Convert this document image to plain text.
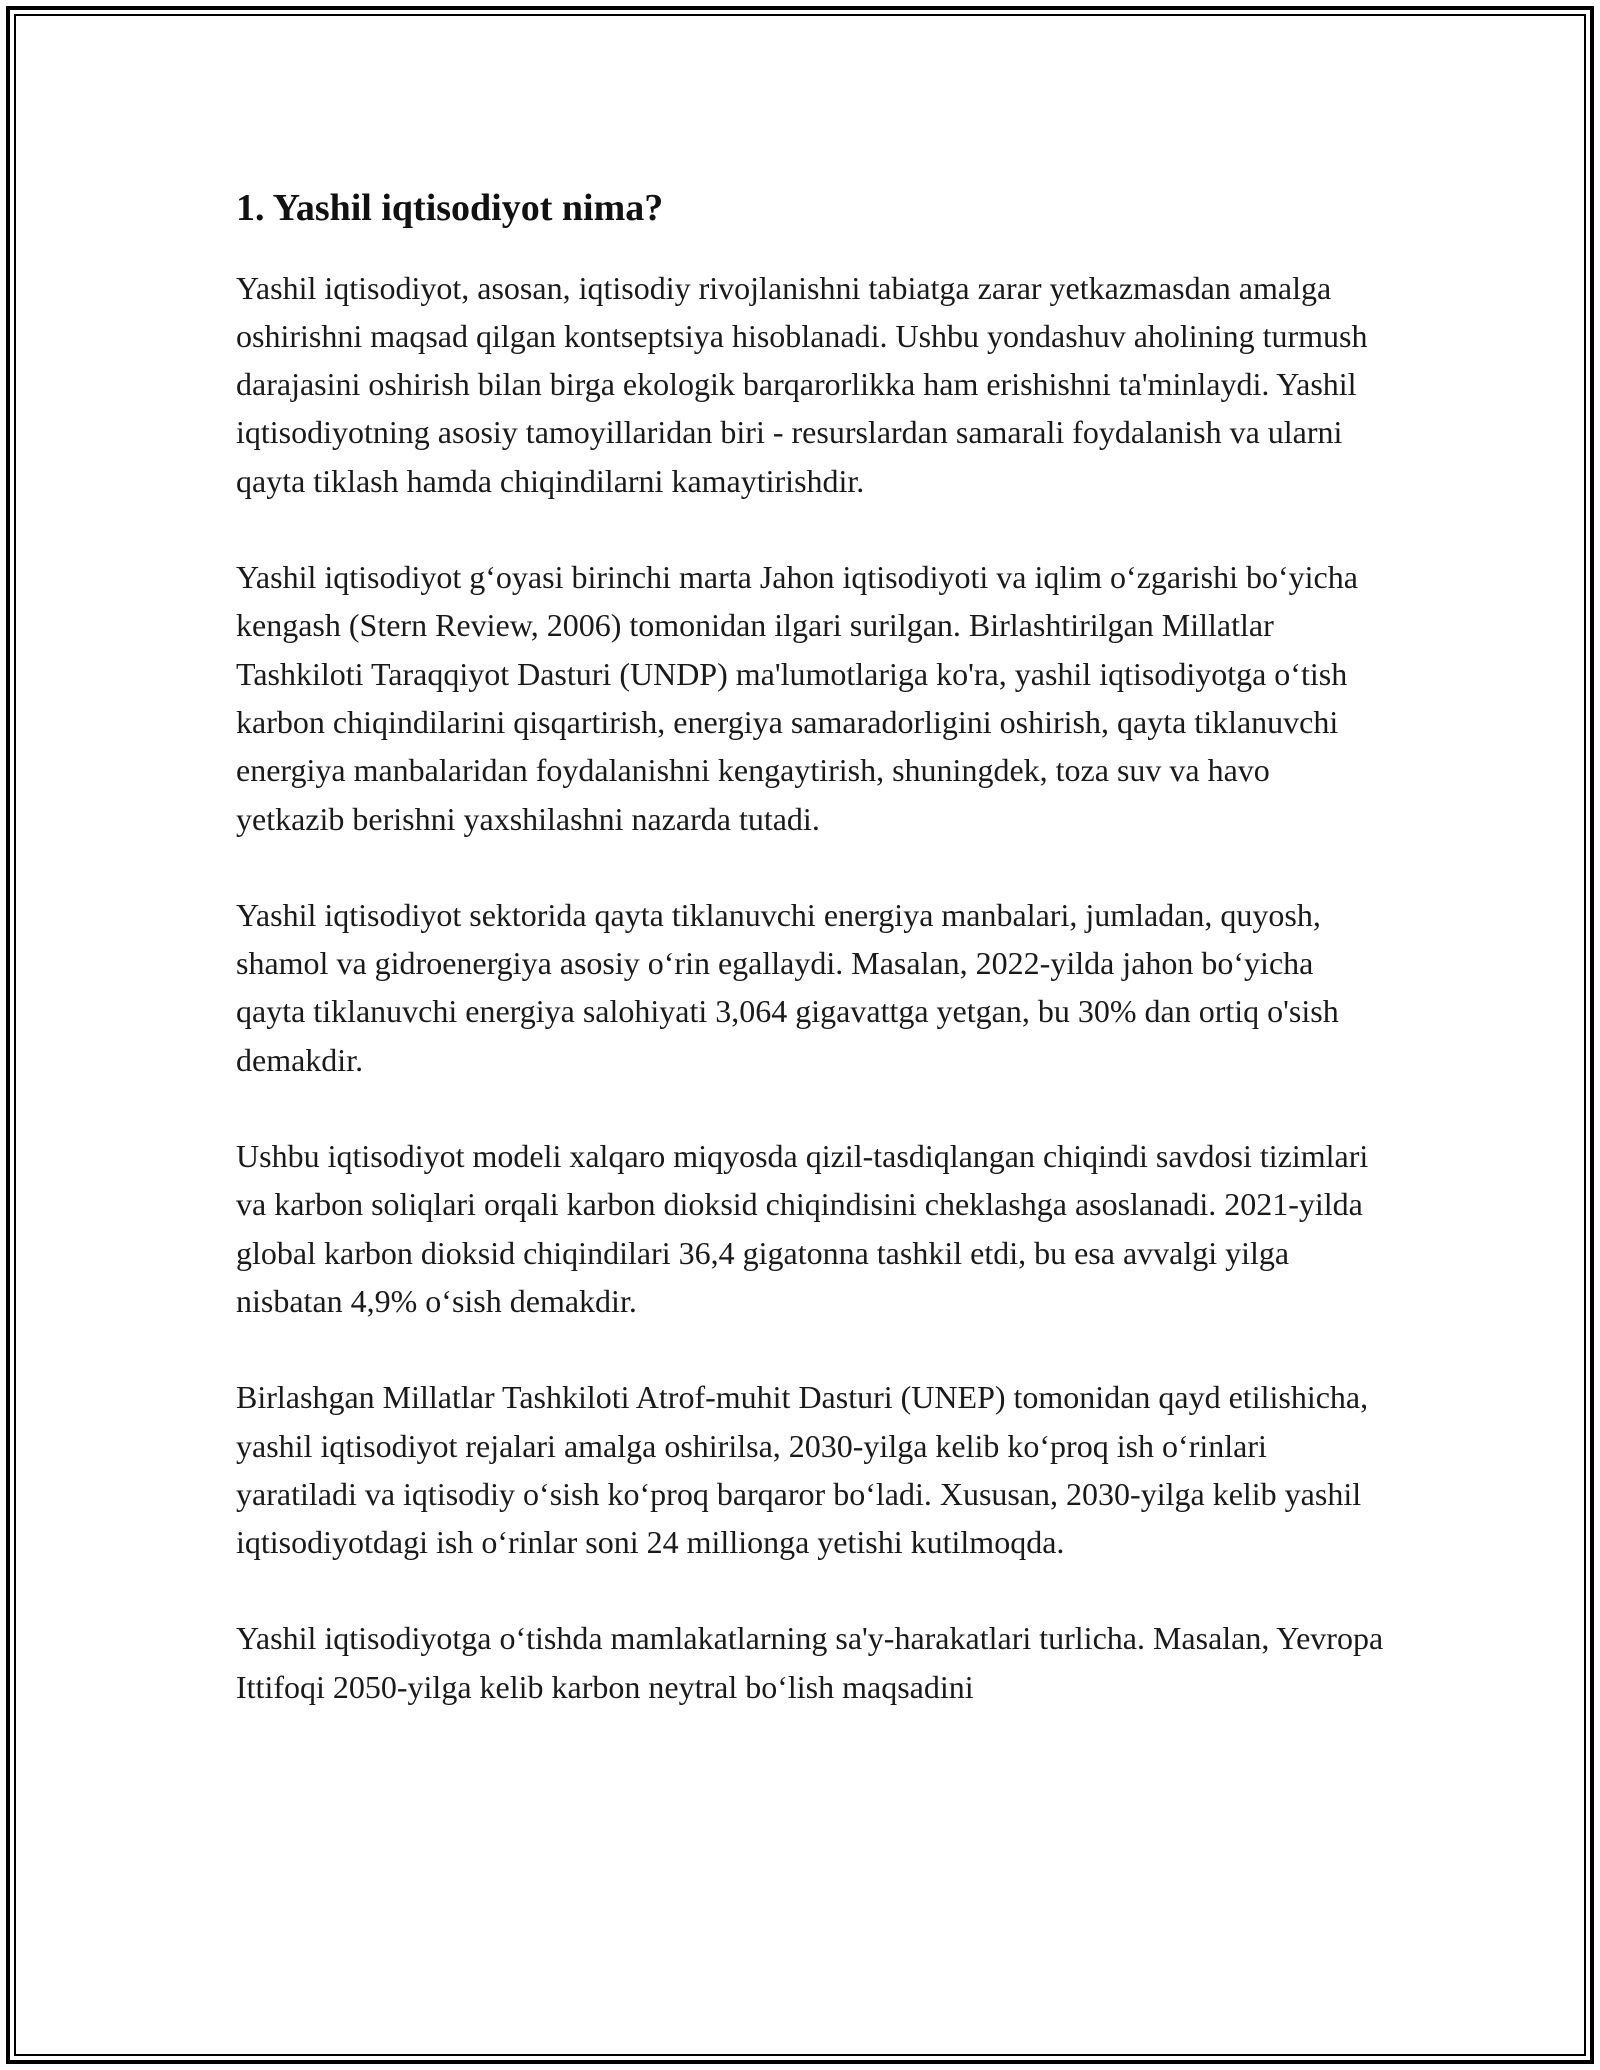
1. Yashil iqtisodiyot nima?

Yashil iqtisodiyot, asosan, iqtisodiy rivojlanishni tabiatga zarar yetkazmasdan amalga oshirishni maqsad qilgan kontseptsiya hisoblanadi. Ushbu yondashuv aholining turmush darajasini oshirish bilan birga ekologik barqarorlikka ham erishishni ta'minlaydi. Yashil iqtisodiyotning asosiy tamoyillaridan biri - resurslardan samarali foydalanish va ularni qayta tiklash hamda chiqindilarni kamaytirishdir.

Yashil iqtisodiyot g‘oyasi birinchi marta Jahon iqtisodiyoti va iqlim o‘zgarishi bo‘yicha kengash (Stern Review, 2006) tomonidan ilgari surilgan. Birlashtirilgan Millatlar Tashkiloti Taraqqiyot Dasturi (UNDP) ma'lumotlariga ko'ra, yashil iqtisodiyotga o‘tish karbon chiqindilarini qisqartirish, energiya samaradorligini oshirish, qayta tiklanuvchi energiya manbalaridan foydalanishni kengaytirish, shuningdek, toza suv va havo yetkazib berishni yaxshilashni nazarda tutadi.

Yashil iqtisodiyot sektorida qayta tiklanuvchi energiya manbalari, jumladan, quyosh, shamol va gidroenergiya asosiy o‘rin egallaydi. Masalan, 2022-yilda jahon bo‘yicha qayta tiklanuvchi energiya salohiyati 3,064 gigavattga yetgan, bu 30% dan ortiq o'sish demakdir.

Ushbu iqtisodiyot modeli xalqaro miqyosda qizil-tasdiqlangan chiqindi savdosi tizimlari va karbon soliqlari orqali karbon dioksid chiqindisini cheklashga asoslanadi. 2021-yilda global karbon dioksid chiqindilari 36,4 gigatonna tashkil etdi, bu esa avvalgi yilga nisbatan 4,9% o‘sish demakdir.

Birlashgan Millatlar Tashkiloti Atrof-muhit Dasturi (UNEP) tomonidan qayd etilishicha, yashil iqtisodiyot rejalari amalga oshirilsa, 2030-yilga kelib ko‘proq ish o‘rinlari yaratiladi va iqtisodiy o‘sish ko‘proq barqaror bo‘ladi. Xususan, 2030-yilga kelib yashil iqtisodiyotdagi ish o‘rinlar soni 24 millionga yetishi kutilmoqda.

Yashil iqtisodiyotga o‘tishda mamlakatlarning sa'y-harakatlari turlicha. Masalan, Yevropa Ittifoqi 2050-yilga kelib karbon neytral bo‘lish maqsadini
